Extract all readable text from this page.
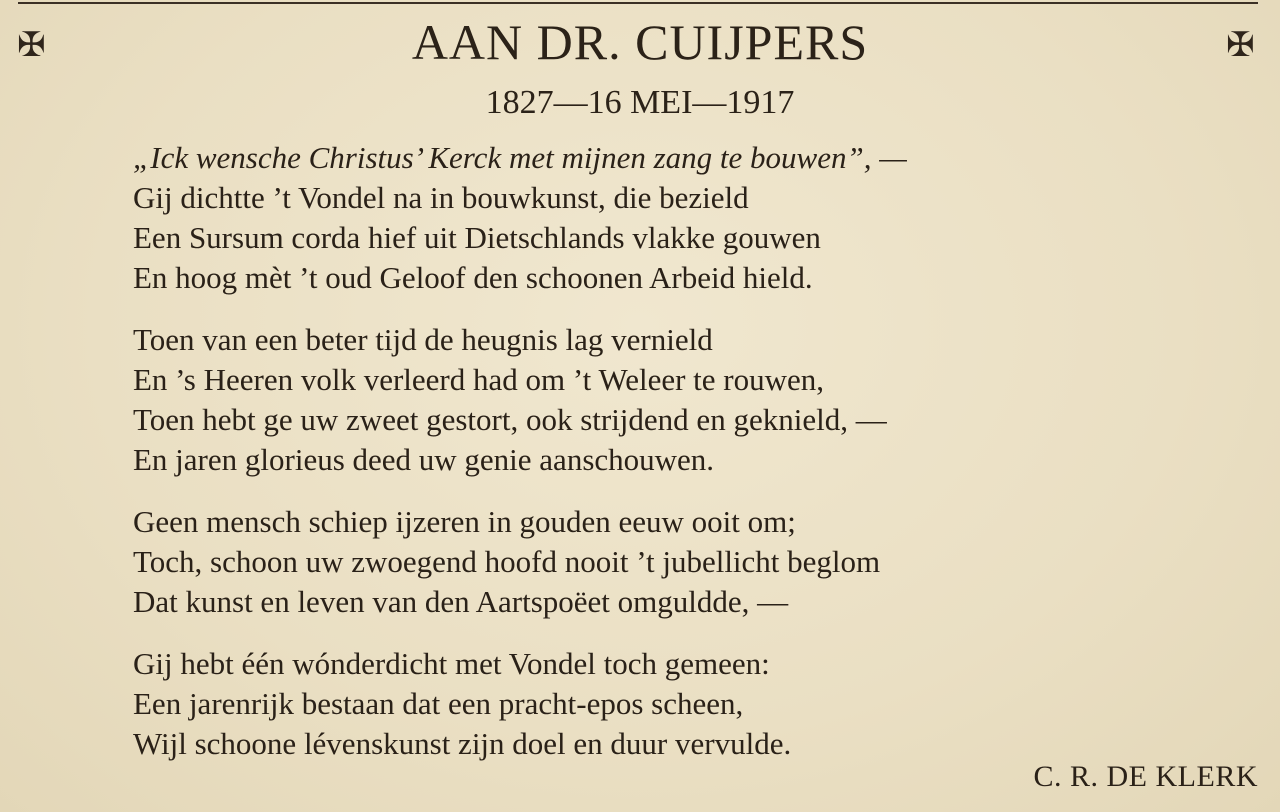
✠	✠
AAN DR. CUIJPERS
1827—16 MEI—1917
„Ick wensche Christus’ Kerck met mijnen zang te bouwen”, —
Gij dichtte ’t Vondel na in bouwkunst, die bezield
Een Sursum corda hief uit Dietschlands vlakke gouwen
En hoog mèt ’t oud Geloof den schoonen Arbeid hield.
Toen van een beter tijd de heugnis lag vernield
En ’s Heeren volk verleerd had om ’t Weleer te rouwen,
Toen hebt ge uw zweet gestort, ook strijdend en geknield, —
En jaren glorieus deed uw genie aanschouwen.
Geen mensch schiep ijzeren in gouden eeuw ooit om;
Toch, schoon uw zwoegend hoofd nooit ’t jubellicht beglom
Dat kunst en leven van den Aartspoëet omguldde, —
Gij hebt één wónderdicht met Vondel toch gemeen:
Een jarenrijk bestaan dat een pracht-epos scheen,
Wijl schoone lévenskunst zijn doel en duur vervulde.
C. R. DE KLERK
